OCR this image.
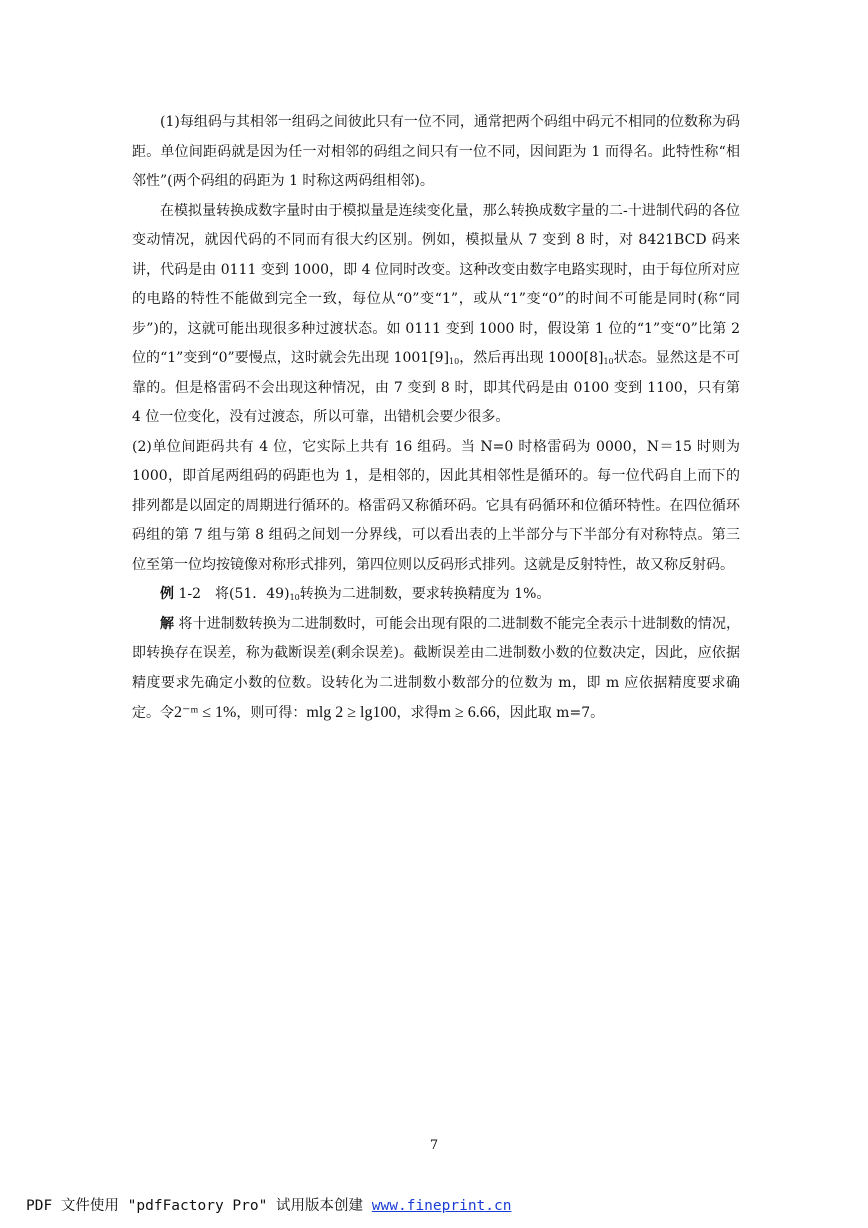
(1)每组码与其相邻一组码之间彼此只有一位不同，通常把两个码组中码元不相同的位数称为码距。单位间距码就是因为任一对相邻的码组之间只有一位不同，因间距为 1 而得名。此特性称“相邻性”(两个码组的码距为 1 时称这两码组相邻)。

在模拟量转换成数字量时由于模拟量是连续变化量，那么转换成数字量的二-十进制代码的各位变动情况，就因代码的不同而有很大约区别。例如，模拟量从 7 变到 8 时，对 8421BCD 码来讲，代码是由 0111 变到 1000，即 4 位同时改变。这种改变由数字电路实现时，由于每位所对应的电路的特性不能做到完全一致，每位从“0”变“1”，或从“1”变“0”的时间不可能是同时(称“同步”)的，这就可能出现很多种过渡状态。如 0111 变到 1000 时，假设第 1 位的“1”变“0”比第 2 位的“1”变到“0”要慢点，这时就会先出现 $1001[9]_{10}$，然后再出现 $1000[8]_{10}$状态。显然这是不可靠的。但是格雷码不会出现这种情况，由 7 变到 8 时，即其代码是由 0100 变到 1100，只有第 4 位一位变化，没有过渡态，所以可靠，出错机会要少很多。

(2)单位间距码共有 4 位，它实际上共有 16 组码。当 N=0 时格雷码为 0000，N＝15 时则为 1000，即首尾两组码的码距也为 1，是相邻的，因此其相邻性是循环的。每一位代码自上而下的排列都是以固定的周期进行循环的。格雷码又称循环码。它具有码循环和位循环特性。在四位循环码组的第 7 组与第 8 组码之间划一分界线，可以看出表的上半部分与下半部分有对称特点。第三位至第一位均按镜像对称形式排列，第四位则以反码形式排列。这就是反射特性，故又称反射码。

例 1-2　将(51．$49)_{10}$转换为二进制数，要求转换精度为 1%。

解 将十进制数转换为二进制数时，可能会出现有限的二进制数不能完全表示十进制数的情况，即转换存在误差，称为截断误差(剩余误差)。截断误差由二进制数小数的位数决定，因此，应依据精度要求先确定小数的位数。设转化为二进制数小数部分的位数为 m，即 m 应依据精度要求确定。令2⁻ᵐ ≤ 1%，则可得：mlg 2 ≥ lg100，求得m ≥ 6.66，因此取 m=7。

7
PDF 文件使用 "pdfFactory Pro" 试用版本创建 www.fineprint.cn
